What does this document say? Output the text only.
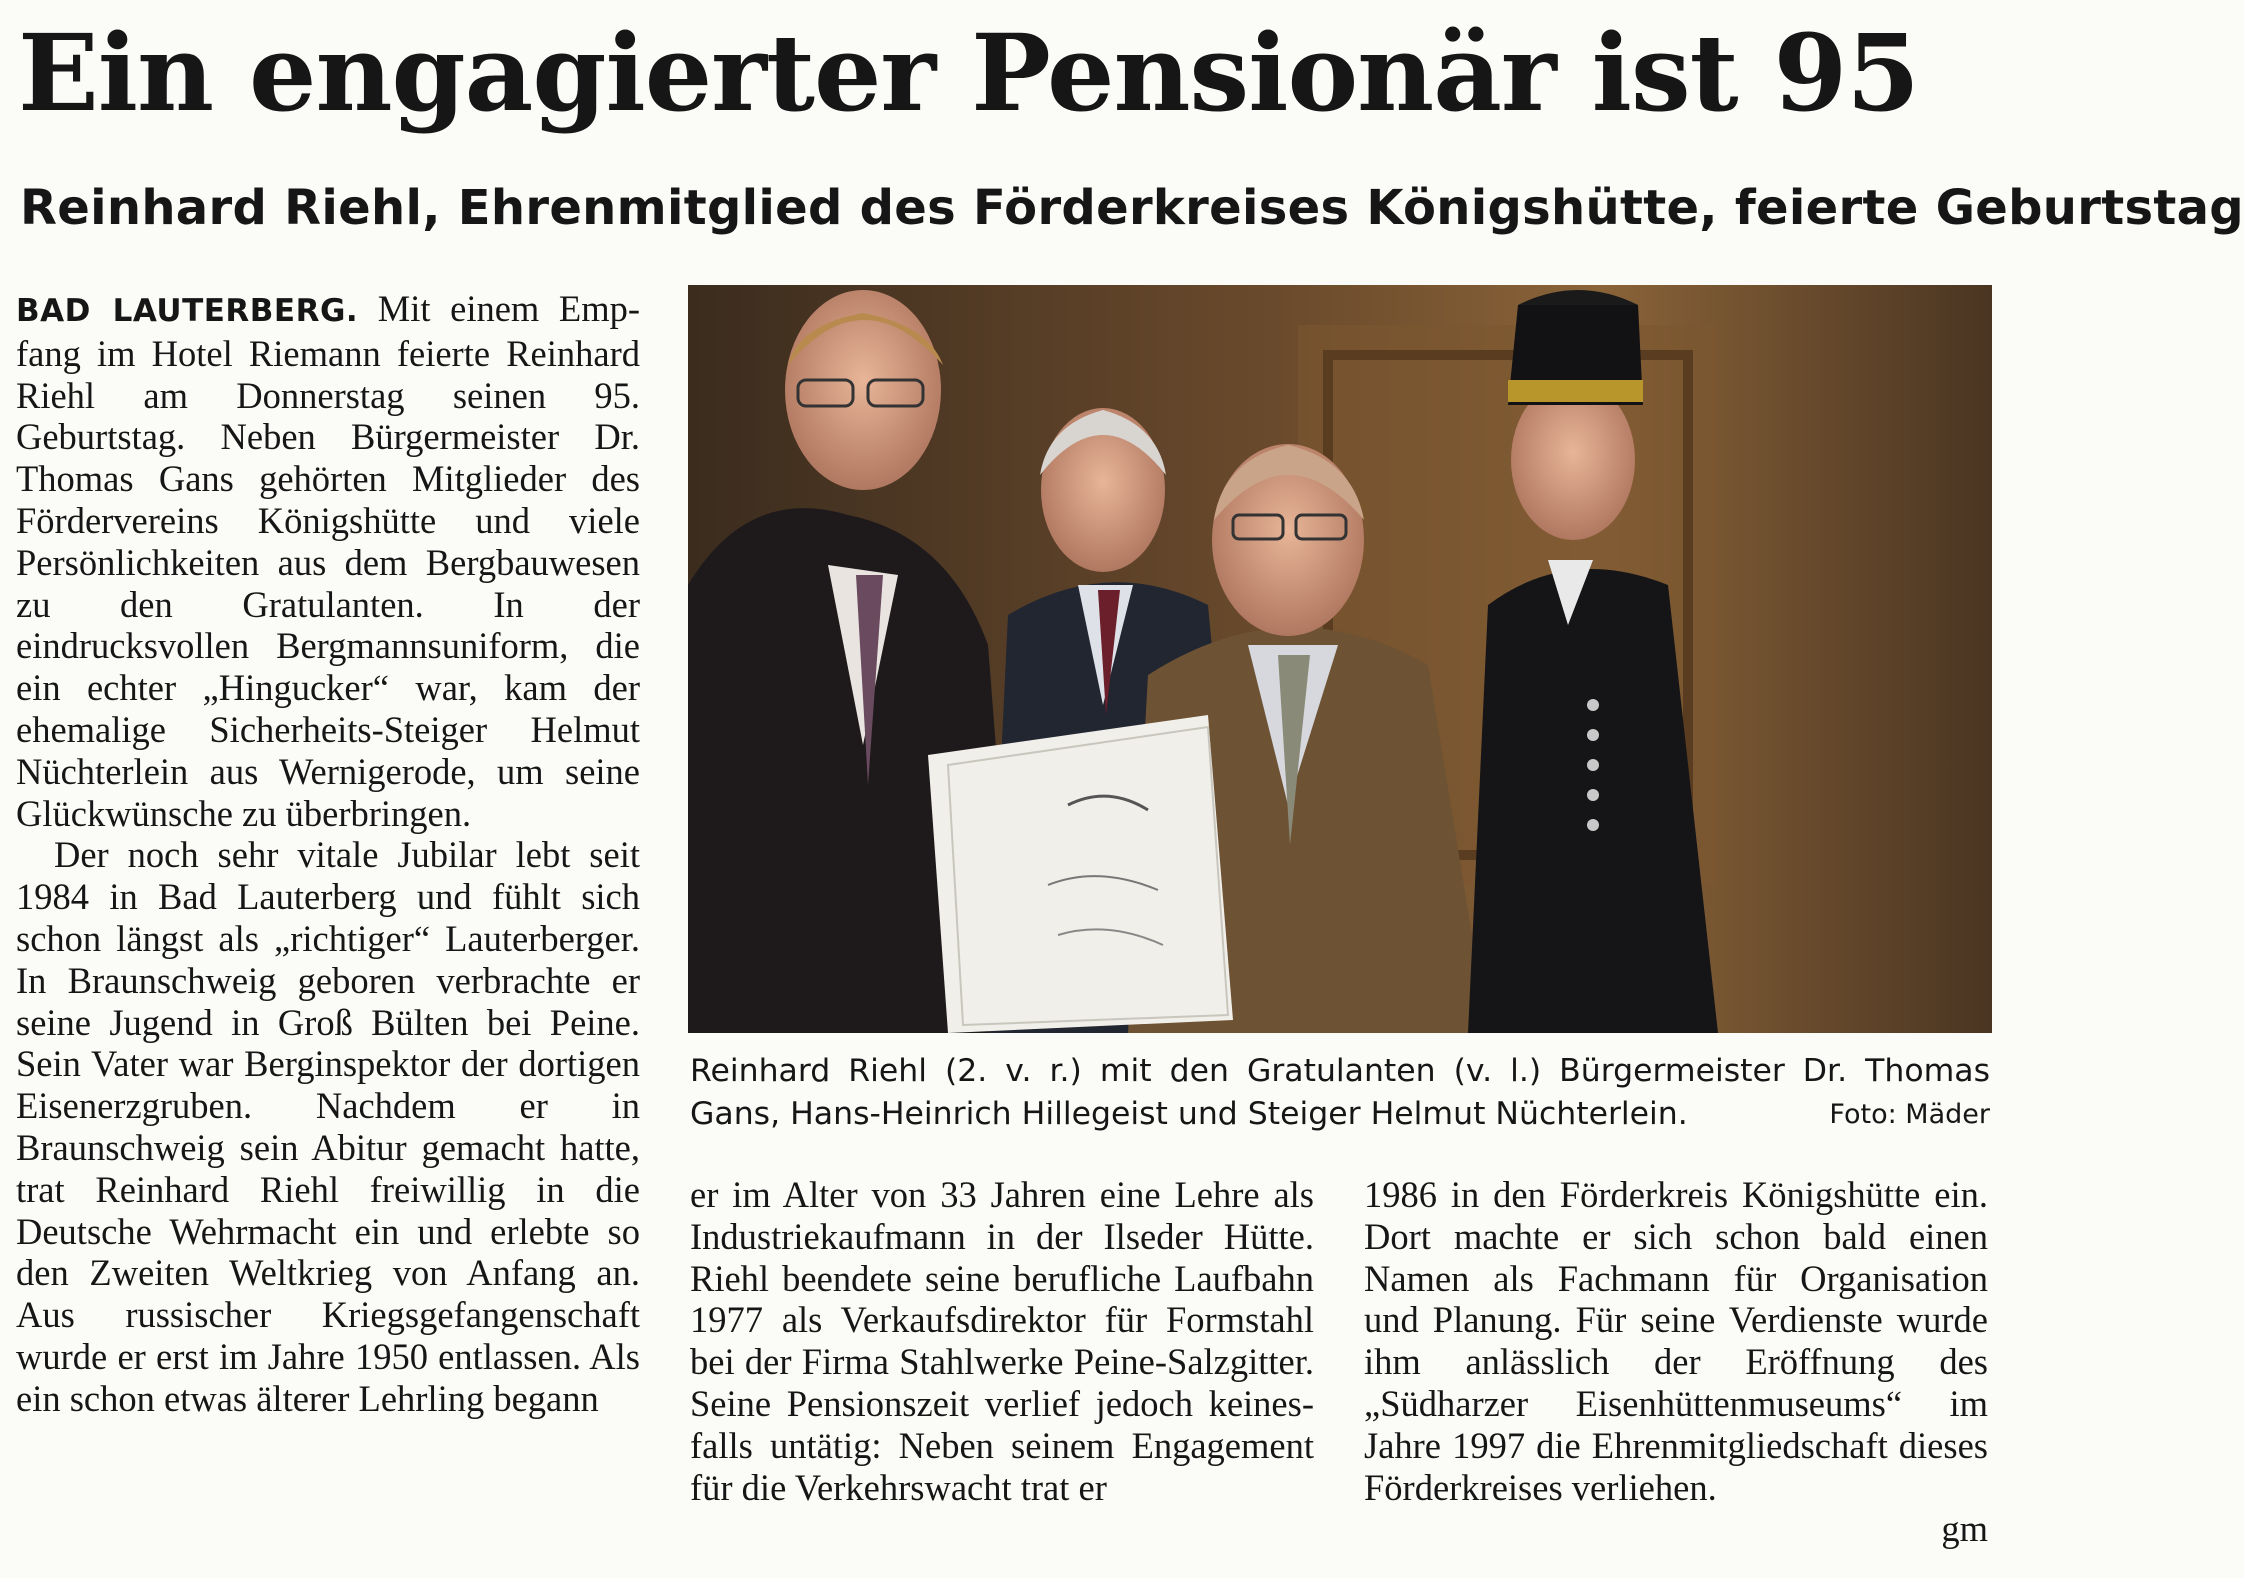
Ein engagierter Pensionär ist 95
Reinhard Riehl, Ehrenmitglied des Förderkreises Königshütte, feierte Geburtstag

BAD LAUTERBERG. Mit einem Empfang im Hotel Riemann feierte Reinhard Riehl am Donnerstag seinen 95. Geburtstag. Neben Bürgermeister Dr. Thomas Gans gehörten Mitglieder des Fördervereins Königshütte und viele Persönlichkeiten aus dem Bergbauwesen zu den Gratulanten. In der eindrucksvollen Bergmannsuniform, die ein echter „Hingucker“ war, kam der ehemalige Sicherheits-Steiger Helmut Nüchterlein aus Wernigerode, um seine Glückwünsche zu überbringen.

Der noch sehr vitale Jubilar lebt seit 1984 in Bad Lauterberg und fühlt sich schon längst als „richtiger“ Lauterberger. In Braunschweig geboren verbrachte er seine Jugend in Groß Bülten bei Peine. Sein Vater war Berginspektor der dortigen Eisenerzgruben. Nachdem er in Braunschweig sein Abitur gemacht hatte, trat Reinhard Riehl freiwillig in die Deutsche Wehrmacht ein und erlebte so den Zweiten Weltkrieg von Anfang an. Aus russischer Kriegsgefangenschaft wurde er erst im Jahre 1950 entlassen. Als ein schon etwas älterer Lehrling begann

Reinhard Riehl (2. v. r.) mit den Gratulanten (v. l.) Bürgermeister Dr. Thomas Gans, Hans-Heinrich Hillegeist und Steiger Helmut Nüchterlein.	Foto: Mäder

er im Alter von 33 Jahren eine Lehre als Industriekaufmann in der Ilseder Hütte. Riehl beendete seine berufliche Laufbahn 1977 als Verkaufsdirektor für Formstahl bei der Firma Stahlwerke Peine-Salzgitter. Seine Pensionszeit verlief jedoch keinesfalls untätig: Neben seinem Engagement für die Verkehrswacht trat er

1986 in den Förderkreis Königshütte ein. Dort machte er sich schon bald einen Namen als Fachmann für Organisation und Planung. Für seine Verdienste wurde ihm anlässlich der Eröffnung des „Südharzer Eisenhüttenmuseums“ im Jahre 1997 die Ehrenmitgliedschaft dieses Förderkreises verliehen.

gm
